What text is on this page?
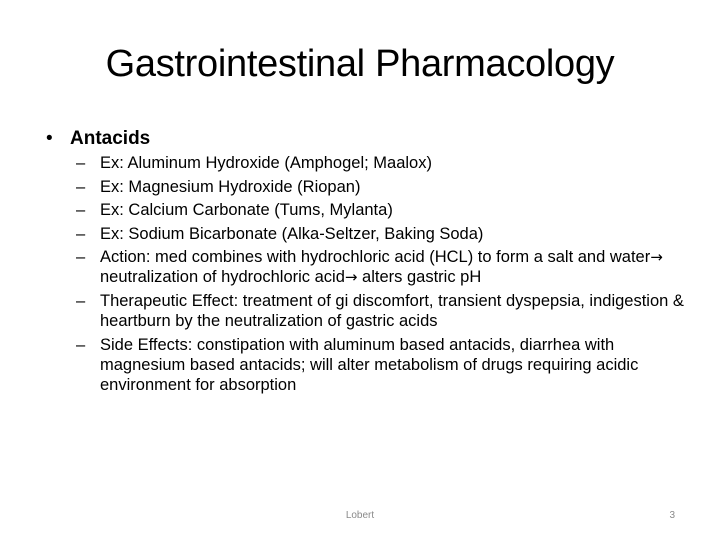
Gastrointestinal Pharmacology
• Antacids
– Ex: Aluminum Hydroxide (Amphogel; Maalox)
– Ex: Magnesium Hydroxide (Riopan)
– Ex: Calcium Carbonate (Tums, Mylanta)
– Ex: Sodium Bicarbonate (Alka-Seltzer, Baking Soda)
– Action: med combines with hydrochloric acid (HCL) to form a salt and water→ neutralization of hydrochloric acid→ alters gastric pH
– Therapeutic Effect: treatment of gi discomfort, transient dyspepsia, indigestion & heartburn by the neutralization of gastric acids
– Side Effects: constipation with aluminum based antacids, diarrhea with magnesium based antacids; will alter metabolism of drugs requiring acidic environment for absorption
Lobert	3
